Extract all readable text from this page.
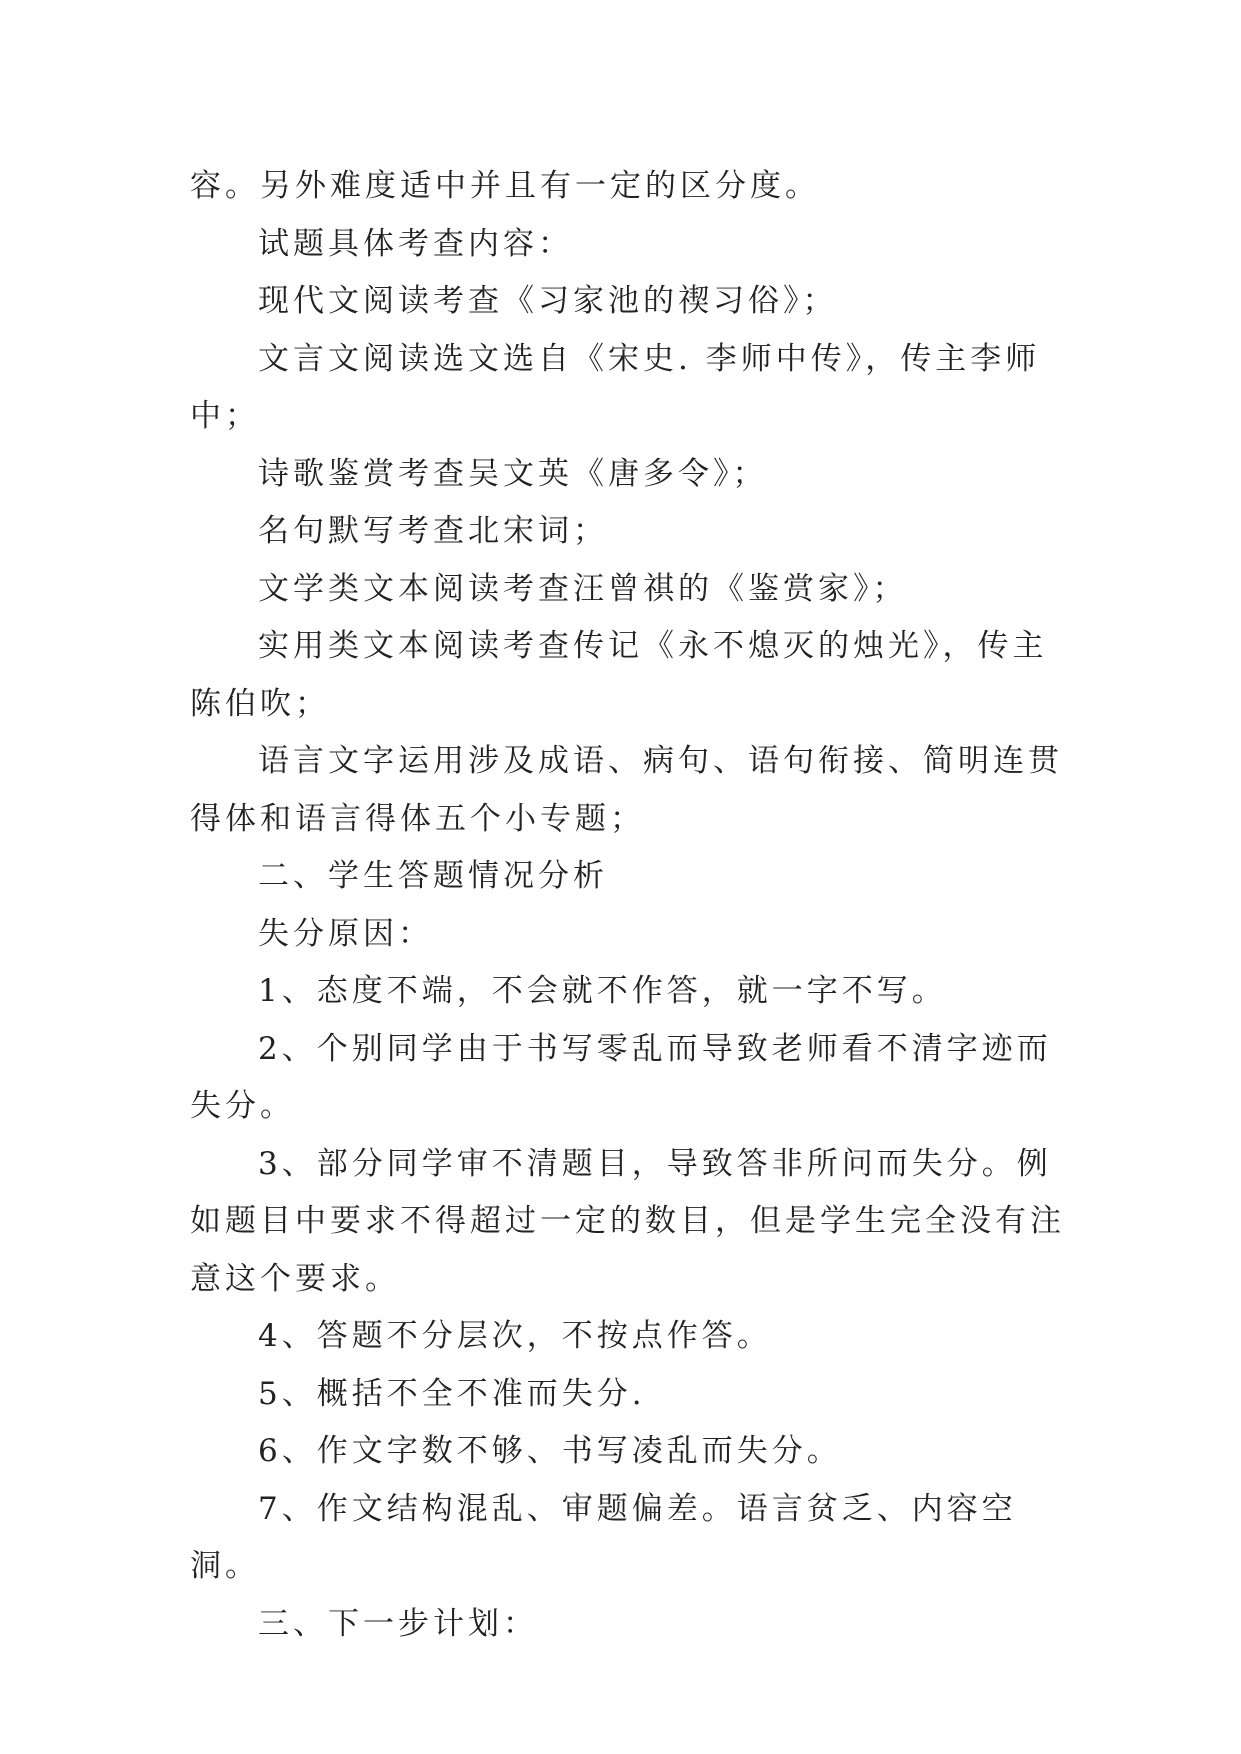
容。另外难度适中并且有一定的区分度。

试题具体考查内容：

现代文阅读考查《习家池的禊习俗》；

文言文阅读选文选自《宋史. 李师中传》，传主李师中；

诗歌鉴赏考查吴文英《唐多令》；

名句默写考查北宋词；

文学类文本阅读考查汪曾祺的《鉴赏家》；

实用类文本阅读考查传记《永不熄灭的烛光》，传主陈伯吹；

语言文字运用涉及成语、病句、语句衔接、简明连贯得体和语言得体五个小专题；

二、学生答题情况分析

失分原因：

1、态度不端，不会就不作答，就一字不写。

2、个别同学由于书写零乱而导致老师看不清字迹而失分。

3、部分同学审不清题目，导致答非所问而失分。例如题目中要求不得超过一定的数目，但是学生完全没有注意这个要求。

4、答题不分层次，不按点作答。

5、概括不全不准而失分.

6、作文字数不够、书写凌乱而失分。

7、作文结构混乱、审题偏差。语言贫乏、内容空洞。

三、下一步计划：
